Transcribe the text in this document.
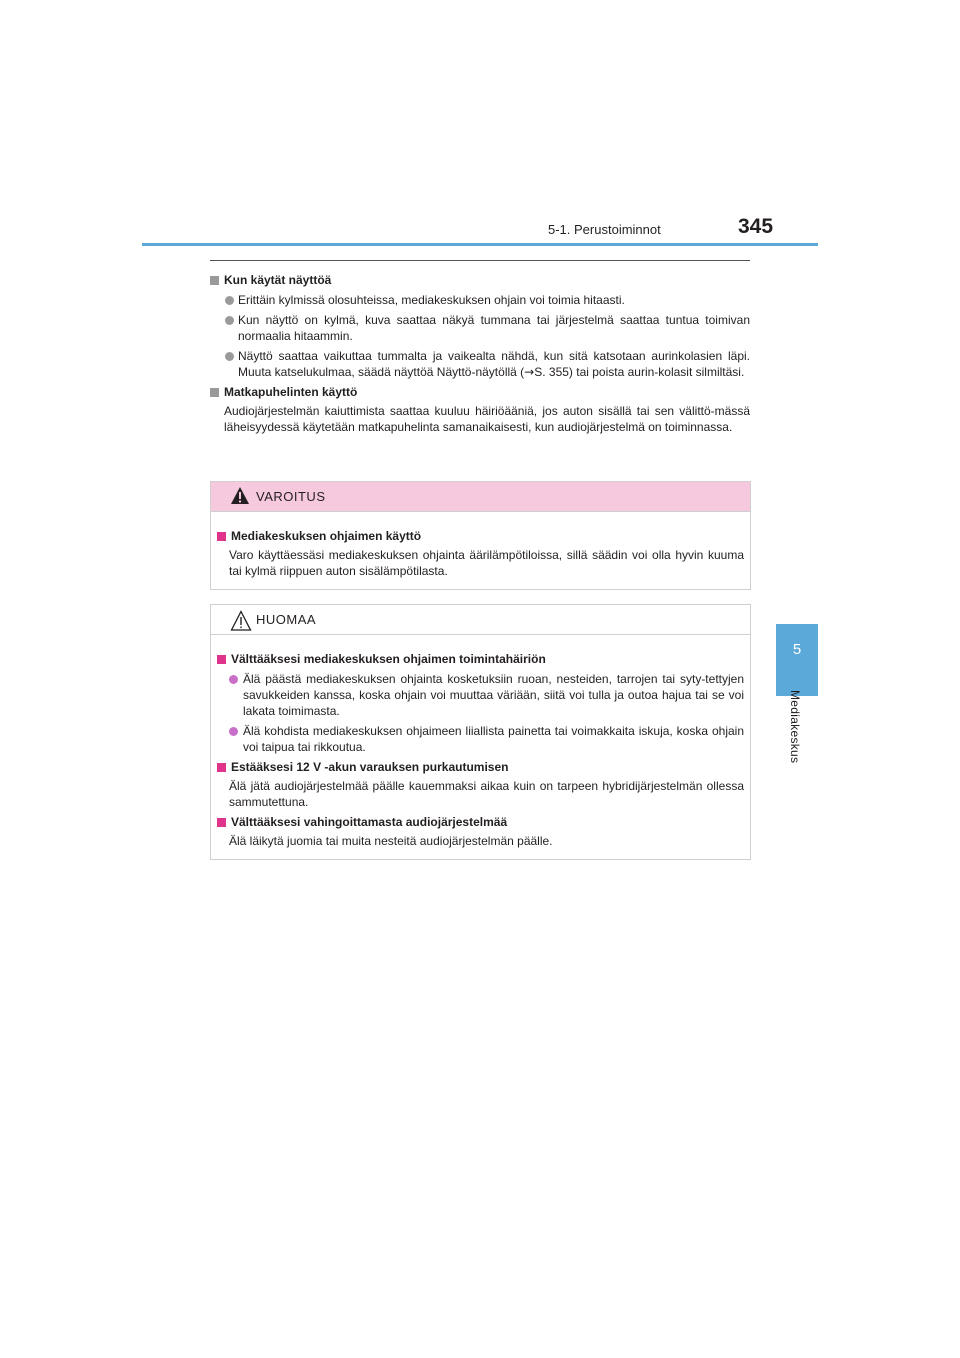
5-1. Perustoiminnot	345
5
Mediakeskus
Kun käytät näyttöä
Erittäin kylmissä olosuhteissa, mediakeskuksen ohjain voi toimia hitaasti.
Kun näyttö on kylmä, kuva saattaa näkyä tummana tai järjestelmä saattaa tuntua toimivan normaalia hitaammin.
Näyttö saattaa vaikuttaa tummalta ja vaikealta nähdä, kun sitä katsotaan aurinkolasien läpi. Muuta katselukulmaa, säädä näyttöä Näyttö-näytöllä (→S. 355) tai poista aurin-kolasit silmiltäsi.
Matkapuhelinten käyttö
Audiojärjestelmän kaiuttimista saattaa kuuluu häiriöääniä, jos auton sisällä tai sen välittö-mässä läheisyydessä käytetään matkapuhelinta samanaikaisesti, kun audiojärjestelmä on toiminnassa.
VAROITUS
Mediakeskuksen ohjaimen käyttö
Varo käyttäessäsi mediakeskuksen ohjainta äärilämpötiloissa, sillä säädin voi olla hyvin kuuma tai kylmä riippuen auton sisälämpötilasta.
HUOMAA
Välttääksesi mediakeskuksen ohjaimen toimintahäiriön
Älä päästä mediakeskuksen ohjainta kosketuksiin ruoan, nesteiden, tarrojen tai syty-tettyjen savukkeiden kanssa, koska ohjain voi muuttaa väriään, siitä voi tulla ja outoa hajua tai se voi lakata toimimasta.
Älä kohdista mediakeskuksen ohjaimeen liiallista painetta tai voimakkaita iskuja, koska ohjain voi taipua tai rikkoutua.
Estääksesi 12 V -akun varauksen purkautumisen
Älä jätä audiojärjestelmää päälle kauemmaksi aikaa kuin on tarpeen hybridijärjestelmän ollessa sammutettuna.
Välttääksesi vahingoittamasta audiojärjestelmää
Älä läikytä juomia tai muita nesteitä audiojärjestelmän päälle.
